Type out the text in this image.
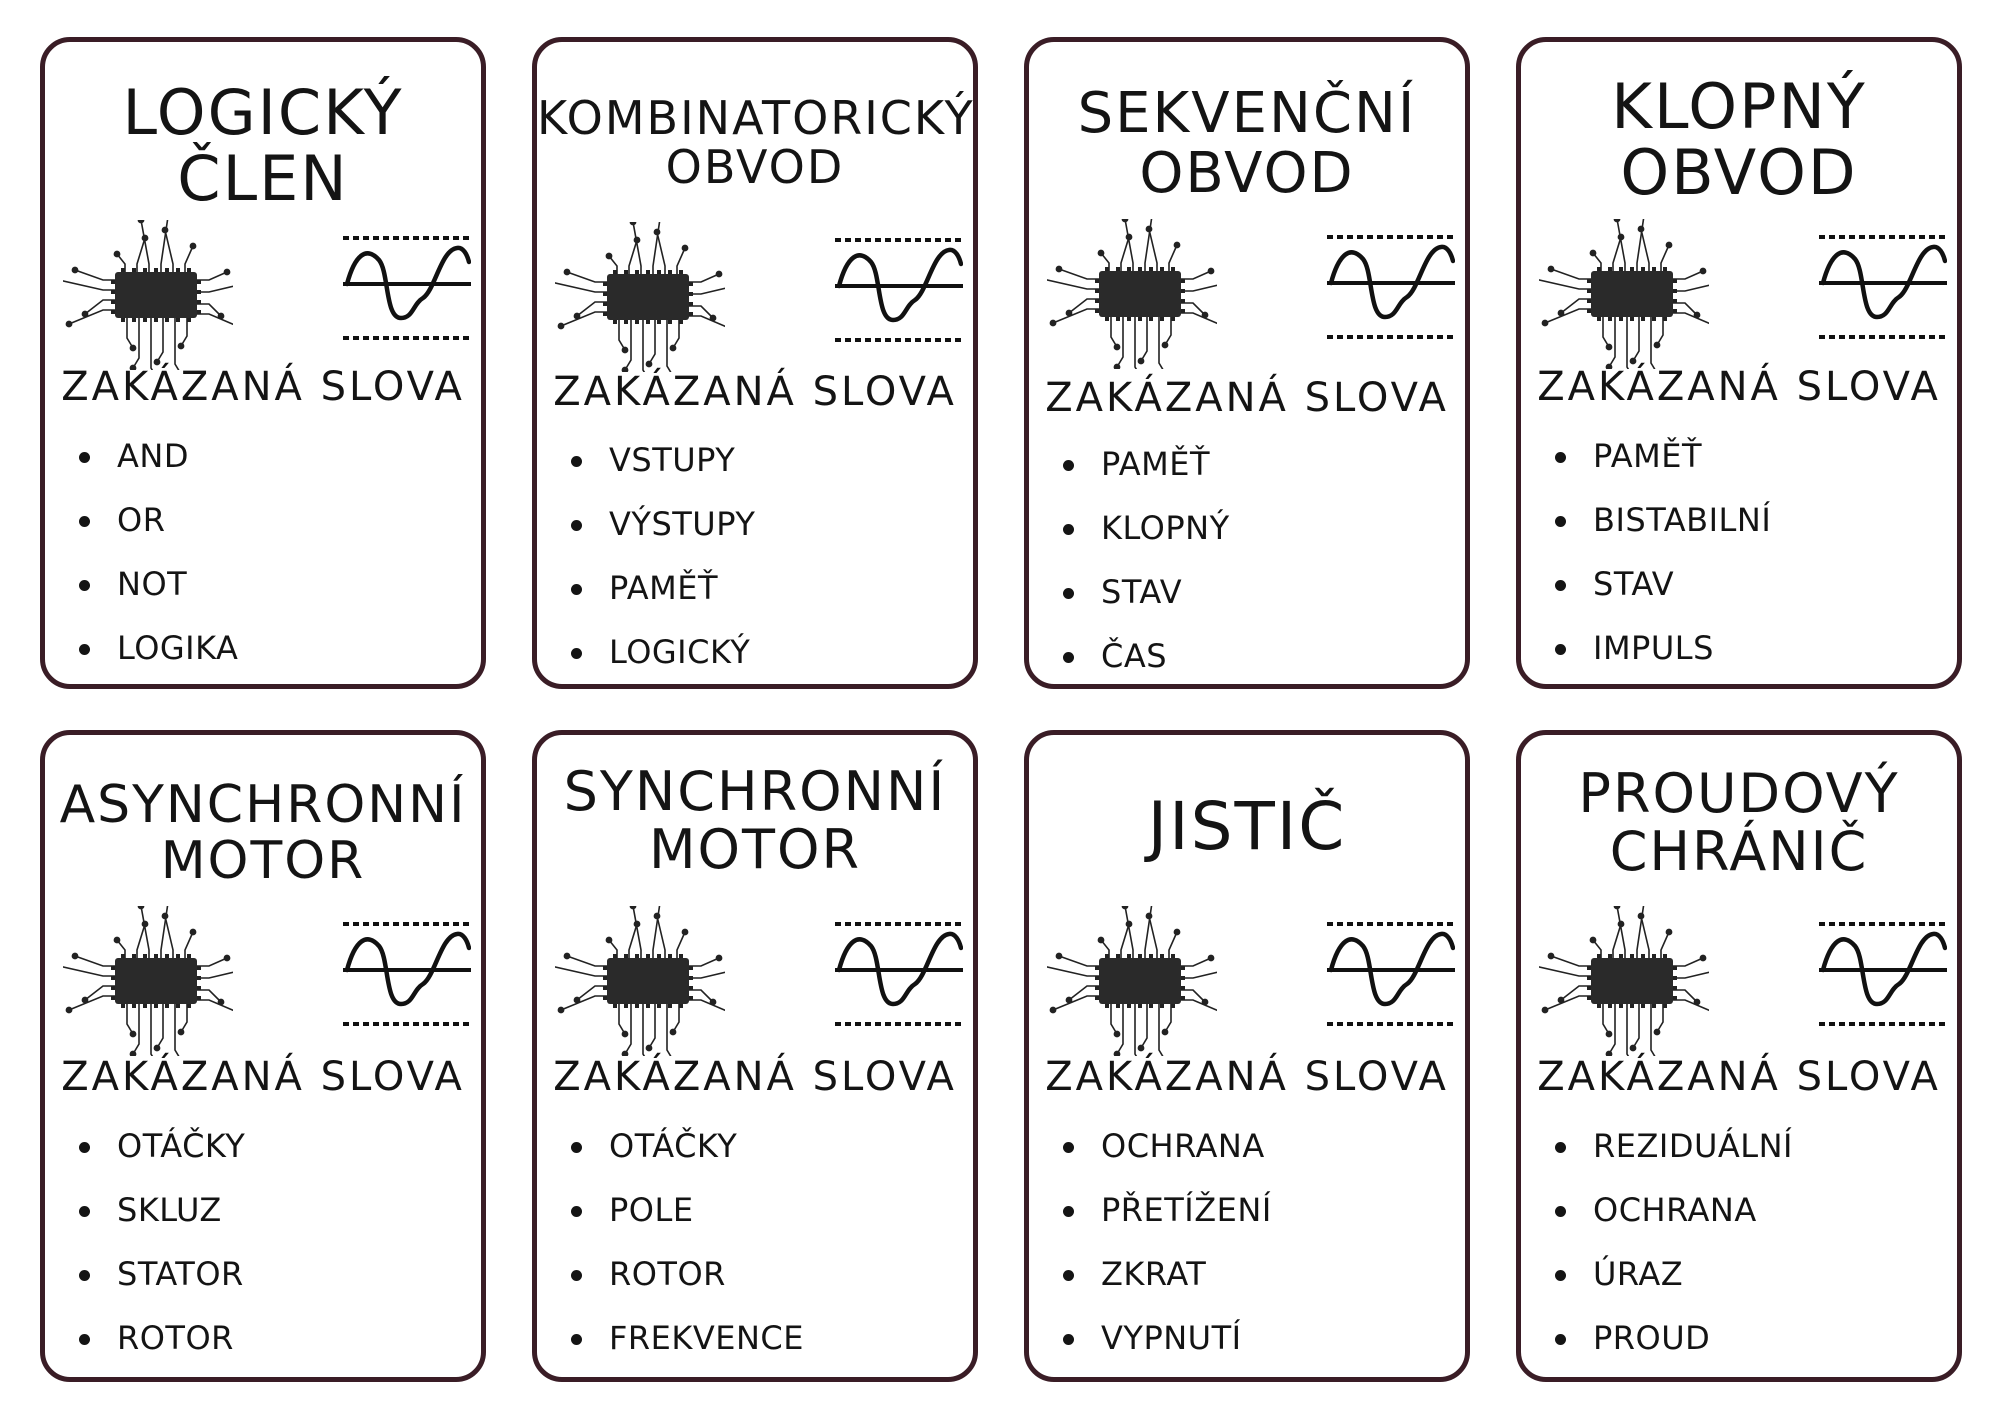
LOGICKÝ
ČLEN
ZAKÁZANÁ SLOVA
AND
OR
NOT
LOGIKA
KOMBINATORICKÝ
OBVOD
ZAKÁZANÁ SLOVA
VSTUPY
VÝSTUPY
PAMĚŤ
LOGICKÝ
SEKVENČNÍ
OBVOD
ZAKÁZANÁ SLOVA
PAMĚŤ
KLOPNÝ
STAV
ČAS
KLOPNÝ
OBVOD
ZAKÁZANÁ SLOVA
PAMĚŤ
BISTABILNÍ
STAV
IMPULS
ASYNCHRONNÍ
MOTOR
ZAKÁZANÁ SLOVA
OTÁČKY
SKLUZ
STATOR
ROTOR
SYNCHRONNÍ
MOTOR
ZAKÁZANÁ SLOVA
OTÁČKY
POLE
ROTOR
FREKVENCE
JISTIČ
ZAKÁZANÁ SLOVA
OCHRANA
PŘETÍŽENÍ
ZKRAT
VYPNUTÍ
PROUDOVÝ
CHRÁNIČ
ZAKÁZANÁ SLOVA
REZIDUÁLNÍ
OCHRANA
ÚRAZ
PROUD
